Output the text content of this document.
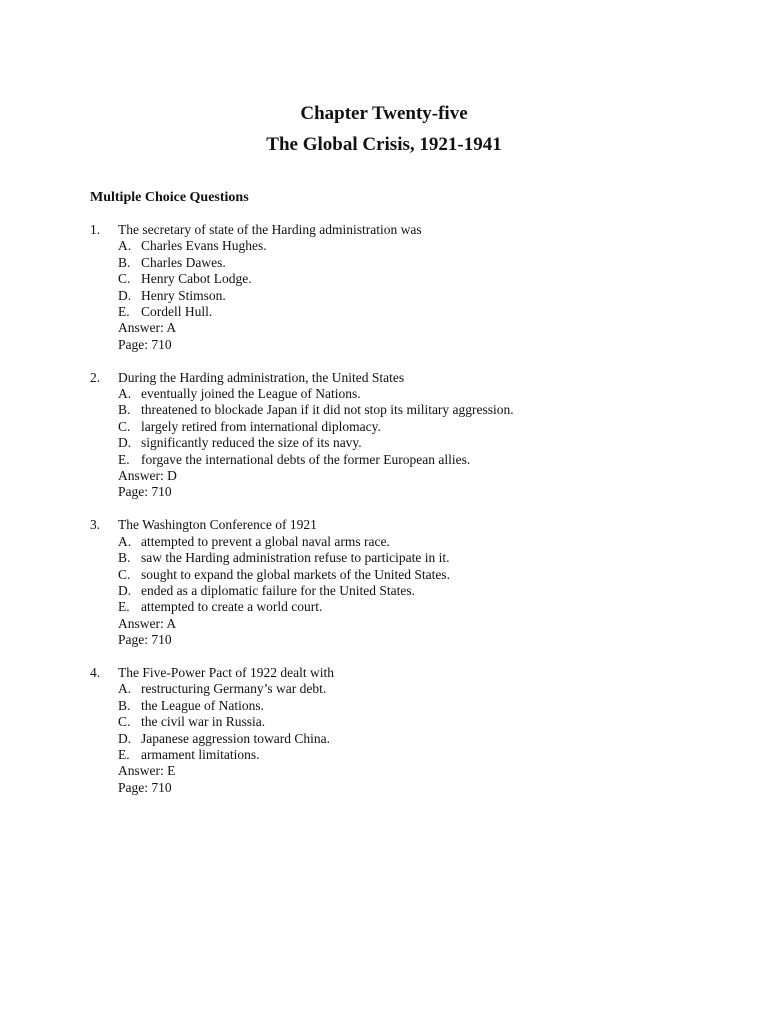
Chapter Twenty-five
The Global Crisis, 1921-1941
Multiple Choice Questions
1.	The secretary of state of the Harding administration was
A. Charles Evans Hughes.
B. Charles Dawes.
C. Henry Cabot Lodge.
D. Henry Stimson.
E. Cordell Hull.
Answer: A
Page: 710
2.	During the Harding administration, the United States
A. eventually joined the League of Nations.
B. threatened to blockade Japan if it did not stop its military aggression.
C. largely retired from international diplomacy.
D. significantly reduced the size of its navy.
E. forgave the international debts of the former European allies.
Answer: D
Page: 710
3.	The Washington Conference of 1921
A. attempted to prevent a global naval arms race.
B. saw the Harding administration refuse to participate in it.
C. sought to expand the global markets of the United States.
D. ended as a diplomatic failure for the United States.
E. attempted to create a world court.
Answer: A
Page: 710
4.	The Five-Power Pact of 1922 dealt with
A. restructuring Germany’s war debt.
B. the League of Nations.
C. the civil war in Russia.
D. Japanese aggression toward China.
E. armament limitations.
Answer: E
Page: 710
